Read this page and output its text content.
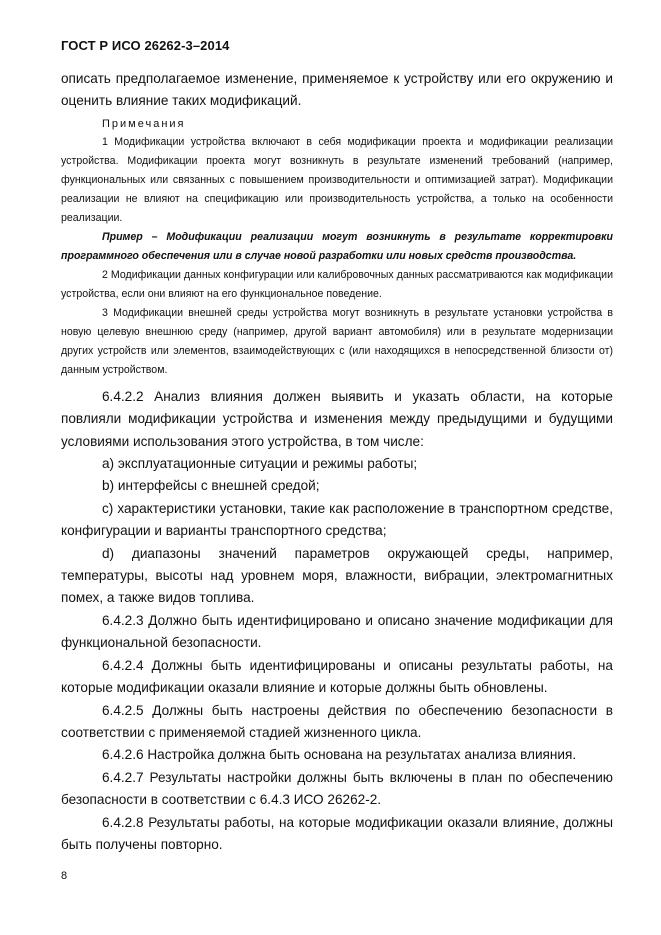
ГОСТ Р ИСО 26262-3–2014

описать предполагаемое изменение, применяемое к устройству или его окружению и оценить влияние таких модификаций.

Примечания

1 Модификации устройства включают в себя модификации проекта и модификации реализации устройства. Модификации проекта могут возникнуть в результате изменений требований (например, функциональных или связанных с повышением производительности и оптимизацией затрат). Модификации реализации не влияют на спецификацию или производительность устройства, а только на особенности реализации.

Пример – Модификации реализации могут возникнуть в результате корректировки программного обеспечения или в случае новой разработки или новых средств производства.

2 Модификации данных конфигурации или калибровочных данных рассматриваются как модификации устройства, если они влияют на его функциональное поведение.

3 Модификации внешней среды устройства могут возникнуть в результате установки устройства в новую целевую внешнюю среду (например, другой вариант автомобиля) или в результате модернизации других устройств или элементов, взаимодействующих с (или находящихся в непосредственной близости от) данным устройством.

6.4.2.2 Анализ влияния должен выявить и указать области, на которые повлияли модификации устройства и изменения между предыдущими и будущими условиями использования этого устройства, в том числе:

a) эксплуатационные ситуации и режимы работы;

b) интерфейсы с внешней средой;

c) характеристики установки, такие как расположение в транспортном средстве, конфигурации и варианты транспортного средства;

d) диапазоны значений параметров окружающей среды, например, температуры, высоты над уровнем моря, влажности, вибрации, электромагнитных помех, а также видов топлива.

6.4.2.3 Должно быть идентифицировано и описано значение модификации для функциональной безопасности.

6.4.2.4 Должны быть идентифицированы и описаны результаты работы, на которые модификации оказали влияние и которые должны быть обновлены.

6.4.2.5 Должны быть настроены действия по обеспечению безопасности в соответствии с применяемой стадией жизненного цикла.

6.4.2.6 Настройка должна быть основана на результатах анализа влияния.

6.4.2.7 Результаты настройки должны быть включены в план по обеспечению безопасности в соответствии с 6.4.3 ИСО 26262-2.

6.4.2.8 Результаты работы, на которые модификации оказали влияние, должны быть получены повторно.

8
